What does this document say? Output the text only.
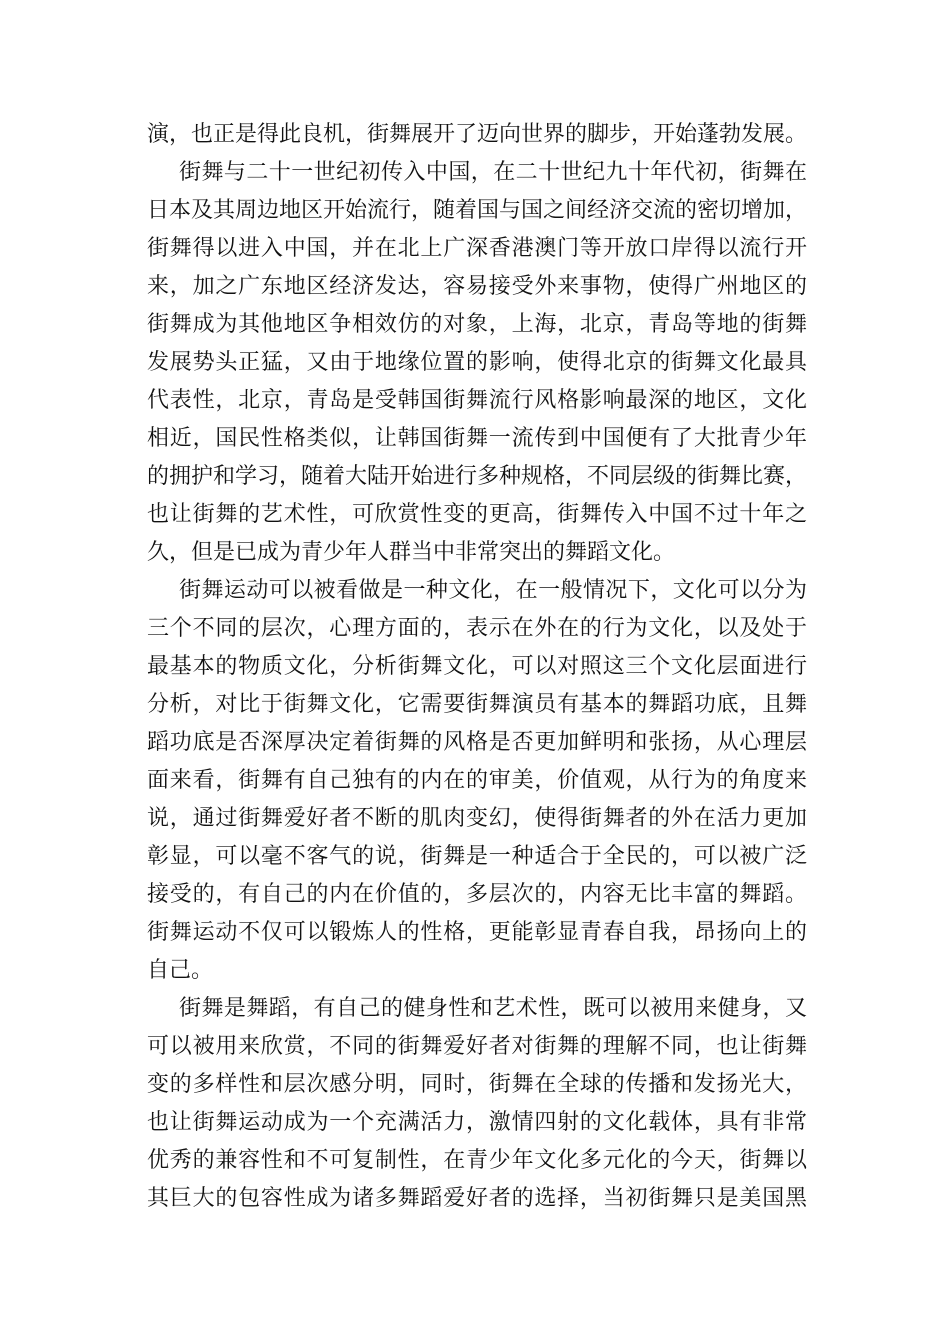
演，也正是得此良机，街舞展开了迈向世界的脚步，开始蓬勃发展。
街舞与二十一世纪初传入中国，在二十世纪九十年代初，街舞在
日本及其周边地区开始流行，随着国与国之间经济交流的密切增加，
街舞得以进入中国，并在北上广深香港澳门等开放口岸得以流行开
来，加之广东地区经济发达，容易接受外来事物，使得广州地区的
街舞成为其他地区争相效仿的对象，上海，北京，青岛等地的街舞
发展势头正猛，又由于地缘位置的影响，使得北京的街舞文化最具
代表性，北京，青岛是受韩国街舞流行风格影响最深的地区，文化
相近，国民性格类似，让韩国街舞一流传到中国便有了大批青少年
的拥护和学习，随着大陆开始进行多种规格，不同层级的街舞比赛，
也让街舞的艺术性，可欣赏性变的更高，街舞传入中国不过十年之
久，但是已成为青少年人群当中非常突出的舞蹈文化。
街舞运动可以被看做是一种文化，在一般情况下，文化可以分为
三个不同的层次，心理方面的，表示在外在的行为文化，以及处于
最基本的物质文化，分析街舞文化，可以对照这三个文化层面进行
分析，对比于街舞文化，它需要街舞演员有基本的舞蹈功底，且舞
蹈功底是否深厚决定着街舞的风格是否更加鲜明和张扬，从心理层
面来看，街舞有自己独有的内在的审美，价值观，从行为的角度来
说，通过街舞爱好者不断的肌肉变幻，使得街舞者的外在活力更加
彰显，可以毫不客气的说，街舞是一种适合于全民的，可以被广泛
接受的，有自己的内在价值的，多层次的，内容无比丰富的舞蹈。
街舞运动不仅可以锻炼人的性格，更能彰显青春自我，昂扬向上的
自己。
街舞是舞蹈，有自己的健身性和艺术性，既可以被用来健身，又
可以被用来欣赏，不同的街舞爱好者对街舞的理解不同，也让街舞
变的多样性和层次感分明，同时，街舞在全球的传播和发扬光大，
也让街舞运动成为一个充满活力，激情四射的文化载体，具有非常
优秀的兼容性和不可复制性，在青少年文化多元化的今天，街舞以
其巨大的包容性成为诸多舞蹈爱好者的选择，当初街舞只是美国黑
